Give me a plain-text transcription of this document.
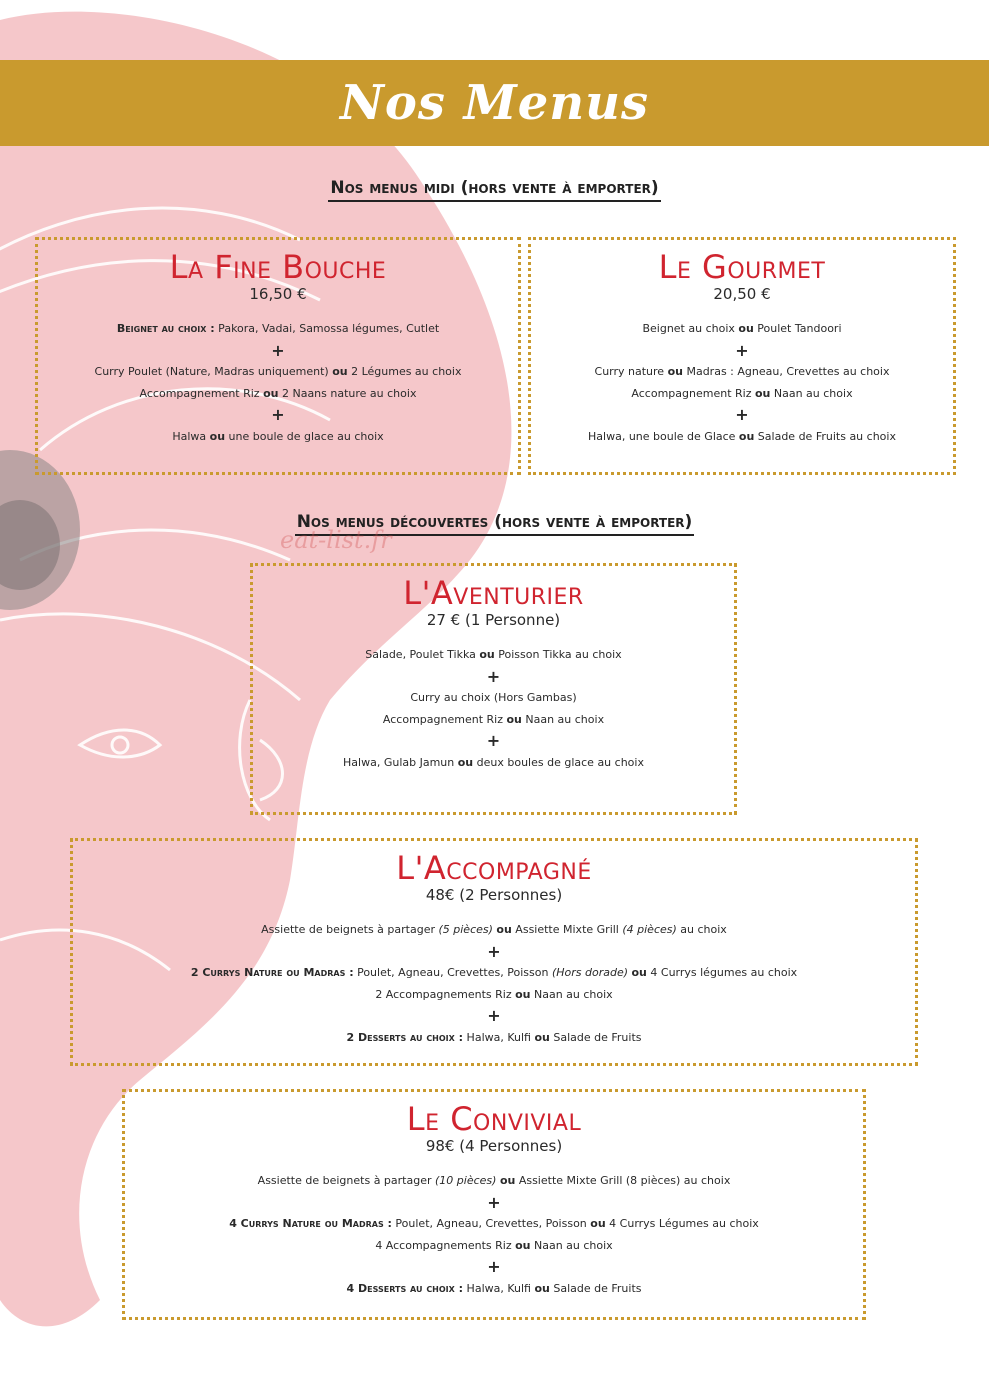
Nos Menus
Nos menus midi (hors vente à emporter)
La Fine Bouche
16,50 €
Beignet au choix : Pakora, Vadai, Samossa légumes, Cutlet
+
Curry Poulet (Nature, Madras uniquement) ou 2 Légumes au choix
Accompagnement Riz ou 2 Naans nature au choix
+
Halwa ou une boule de glace au choix
Le Gourmet
20,50 €
Beignet au choix ou Poulet Tandoori
+
Curry nature ou Madras : Agneau, Crevettes au choix
Accompagnement Riz ou Naan au choix
+
Halwa, une boule de Glace ou Salade de Fruits au choix
Nos menus découvertes (hors vente à emporter)
eat-list.fr
L'Aventurier
27 € (1 Personne)
Salade, Poulet Tikka ou Poisson Tikka au choix
+
Curry au choix (Hors Gambas)
Accompagnement Riz ou Naan au choix
+
Halwa, Gulab Jamun ou deux boules de glace au choix
L'Accompagné
48€ (2 Personnes)
Assiette de beignets à partager (5 pièces) ou Assiette Mixte Grill (4 pièces) au choix
+
2 Currys Nature ou Madras : Poulet, Agneau, Crevettes, Poisson (Hors dorade) ou 4 Currys légumes au choix
2 Accompagnements Riz ou Naan au choix
+
2 Desserts au choix : Halwa, Kulfi ou Salade de Fruits
Le Convivial
98€ (4 Personnes)
Assiette de beignets à partager (10 pièces) ou Assiette Mixte Grill (8 pièces) au choix
+
4 Currys Nature ou Madras : Poulet, Agneau, Crevettes, Poisson ou 4 Currys Légumes au choix
4 Accompagnements Riz ou Naan au choix
+
4 Desserts au choix : Halwa, Kulfi ou Salade de Fruits
